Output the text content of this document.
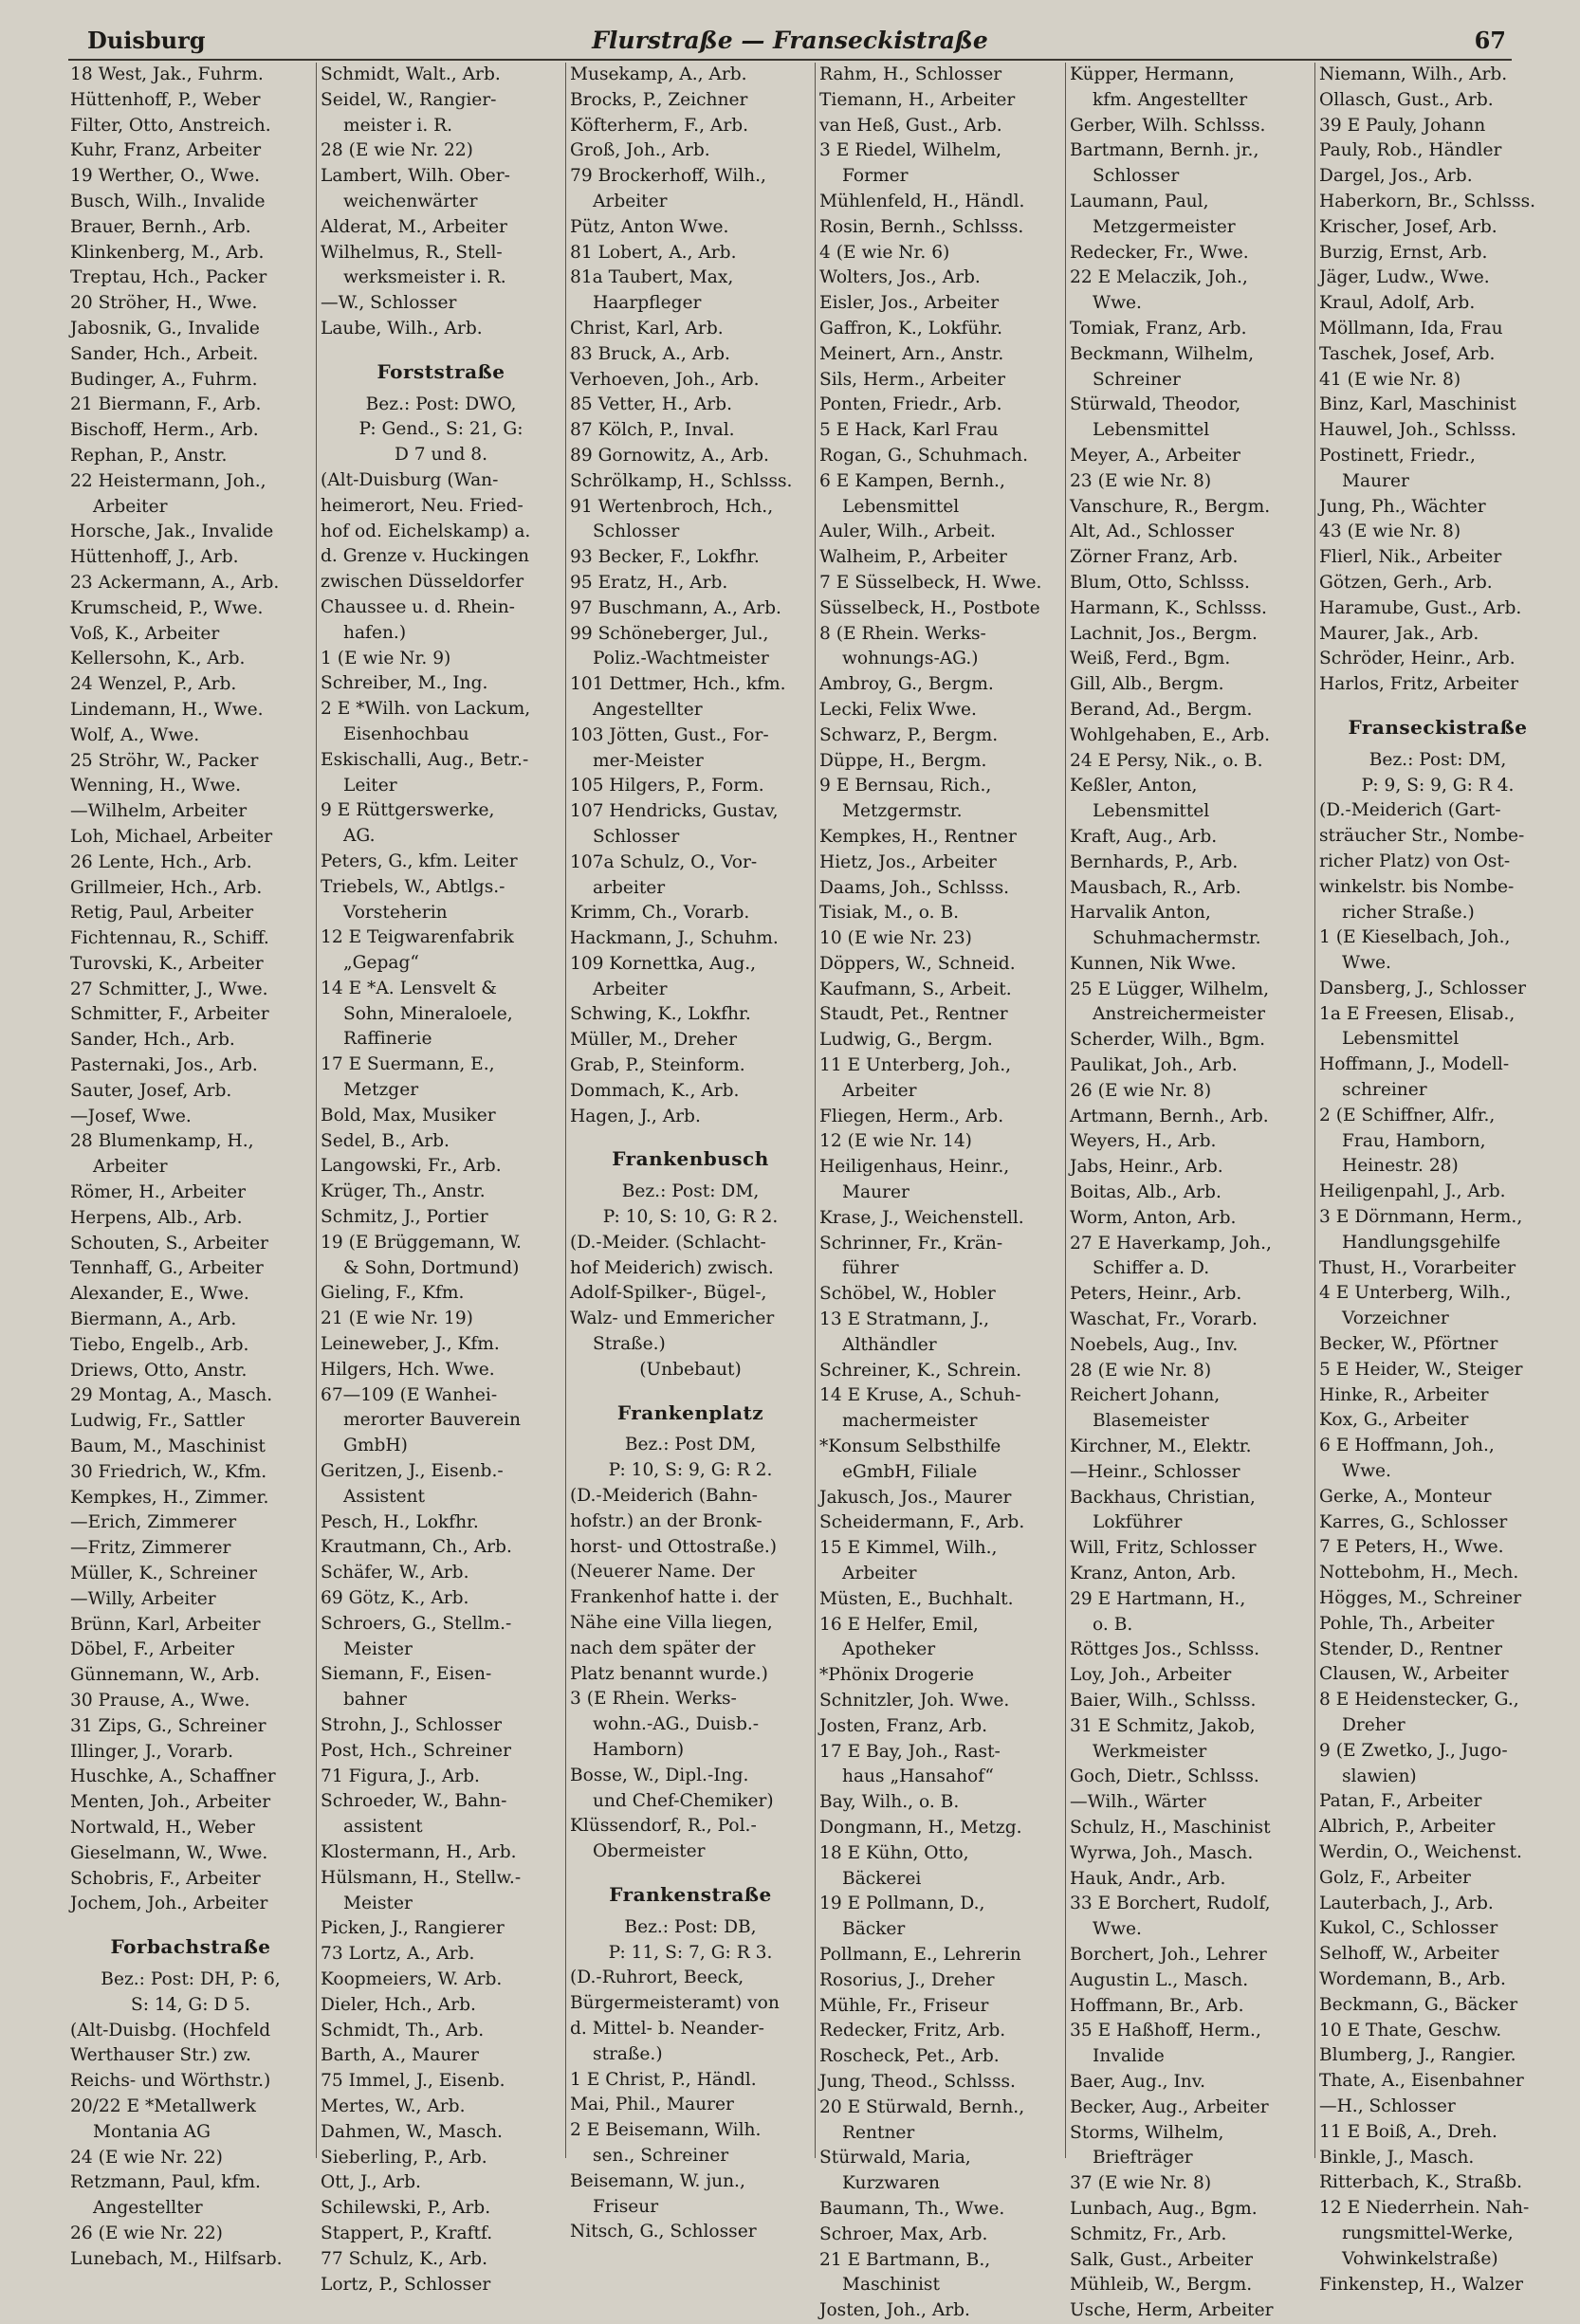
Duisburg	Flurstraße — Franseckistraße	67
18 West, Jak., Fuhrm.
Hüttenhoff, P., Weber
Filter, Otto, Anstreich.
Kuhr, Franz, Arbeiter
19 Werther, O., Wwe.
Busch, Wilh., Invalide
Brauer, Bernh., Arb.
Klinkenberg, M., Arb.
Treptau, Hch., Packer
20 Ströher, H., Wwe.
Jabosnik, G., Invalide
Sander, Hch., Arbeit.
Budinger, A., Fuhrm.
21 Biermann, F., Arb.
Bischoff, Herm., Arb.
Rephan, P., Anstr.
22 Heistermann, Joh.,
Arbeiter
Horsche, Jak., Invalide
Hüttenhoff, J., Arb.
23 Ackermann, A., Arb.
Krumscheid, P., Wwe.
Voß, K., Arbeiter
Kellersohn, K., Arb.
24 Wenzel, P., Arb.
Lindemann, H., Wwe.
Wolf, A., Wwe.
25 Ströhr, W., Packer
Wenning, H., Wwe.
—Wilhelm, Arbeiter
Loh, Michael, Arbeiter
26 Lente, Hch., Arb.
Grillmeier, Hch., Arb.
Retig, Paul, Arbeiter
Fichtennau, R., Schiff.
Turovski, K., Arbeiter
27 Schmitter, J., Wwe.
Schmitter, F., Arbeiter
Sander, Hch., Arb.
Pasternaki, Jos., Arb.
Sauter, Josef, Arb.
—Josef, Wwe.
28 Blumenkamp, H.,
Arbeiter
Römer, H., Arbeiter
Herpens, Alb., Arb.
Schouten, S., Arbeiter
Tennhaff, G., Arbeiter
Alexander, E., Wwe.
Biermann, A., Arb.
Tiebo, Engelb., Arb.
Driews, Otto, Anstr.
29 Montag, A., Masch.
Ludwig, Fr., Sattler
Baum, M., Maschinist
30 Friedrich, W., Kfm.
Kempkes, H., Zimmer.
—Erich, Zimmerer
—Fritz, Zimmerer
Müller, K., Schreiner
—Willy, Arbeiter
Brünn, Karl, Arbeiter
Döbel, F., Arbeiter
Günnemann, W., Arb.
30 Prause, A., Wwe.
31 Zips, G., Schreiner
Illinger, J., Vorarb.
Huschke, A., Schaffner
Menten, Joh., Arbeiter
Nortwald, H., Weber
Gieselmann, W., Wwe.
Schobris, F., Arbeiter
Jochem, Joh., Arbeiter
Forbachstraße
Bez.: Post: DH, P: 6,
S: 14, G: D 5.
(Alt-Duisbg. (Hochfeld
Werthauser Str.) zw.
Reichs- und Wörthstr.)
20/22 E *Metallwerk
Montania AG
24 (E wie Nr. 22)
Retzmann, Paul, kfm.
Angestellter
26 (E wie Nr. 22)
Lunebach, M., Hilfsarb.
Schmidt, Walt., Arb.
Seidel, W., Rangier-
meister i. R.
28 (E wie Nr. 22)
Lambert, Wilh. Ober-
weichenwärter
Alderat, M., Arbeiter
Wilhelmus, R., Stell-
werksmeister i. R.
—W., Schlosser
Laube, Wilh., Arb.
Forststraße
Bez.: Post: DWO,
P: Gend., S: 21, G:
D 7 und 8.
(Alt-Duisburg (Wan-
heimerort, Neu. Fried-
hof od. Eichelskamp) a.
d. Grenze v. Huckingen
zwischen Düsseldorfer
Chaussee u. d. Rhein-
hafen.)
1 (E wie Nr. 9)
Schreiber, M., Ing.
2 E *Wilh. von Lackum,
Eisenhochbau
Eskischalli, Aug., Betr.-
Leiter
9 E Rüttgerswerke,
AG.
Peters, G., kfm. Leiter
Triebels, W., Abtlgs.-
Vorsteherin
12 E Teigwarenfabrik
„Gepag“
14 E *A. Lensvelt &
Sohn, Mineraloele,
Raffinerie
17 E Suermann, E.,
Metzger
Bold, Max, Musiker
Sedel, B., Arb.
Langowski, Fr., Arb.
Krüger, Th., Anstr.
Schmitz, J., Portier
19 (E Brüggemann, W.
& Sohn, Dortmund)
Gieling, F., Kfm.
21 (E wie Nr. 19)
Leineweber, J., Kfm.
Hilgers, Hch. Wwe.
67—109 (E Wanhei-
merorter Bauverein
GmbH)
Geritzen, J., Eisenb.-
Assistent
Pesch, H., Lokfhr.
Krautmann, Ch., Arb.
Schäfer, W., Arb.
69 Götz, K., Arb.
Schroers, G., Stellm.-
Meister
Siemann, F., Eisen-
bahner
Strohn, J., Schlosser
Post, Hch., Schreiner
71 Figura, J., Arb.
Schroeder, W., Bahn-
assistent
Klostermann, H., Arb.
Hülsmann, H., Stellw.-
Meister
Picken, J., Rangierer
73 Lortz, A., Arb.
Koopmeiers, W. Arb.
Dieler, Hch., Arb.
Schmidt, Th., Arb.
Barth, A., Maurer
75 Immel, J., Eisenb.
Mertes, W., Arb.
Dahmen, W., Masch.
Sieberling, P., Arb.
Ott, J., Arb.
Schilewski, P., Arb.
Stappert, P., Kraftf.
77 Schulz, K., Arb.
Lortz, P., Schlosser
Musekamp, A., Arb.
Brocks, P., Zeichner
Köfterherm, F., Arb.
Groß, Joh., Arb.
79 Brockerhoff, Wilh.,
Arbeiter
Pütz, Anton Wwe.
81 Lobert, A., Arb.
81a Taubert, Max,
Haarpfleger
Christ, Karl, Arb.
83 Bruck, A., Arb.
Verhoeven, Joh., Arb.
85 Vetter, H., Arb.
87 Kölch, P., Inval.
89 Gornowitz, A., Arb.
Schrölkamp, H., Schlsss.
91 Wertenbroch, Hch.,
Schlosser
93 Becker, F., Lokfhr.
95 Eratz, H., Arb.
97 Buschmann, A., Arb.
99 Schöneberger, Jul.,
Poliz.-Wachtmeister
101 Dettmer, Hch., kfm.
Angestellter
103 Jötten, Gust., For-
mer-Meister
105 Hilgers, P., Form.
107 Hendricks, Gustav,
Schlosser
107a Schulz, O., Vor-
arbeiter
Krimm, Ch., Vorarb.
Hackmann, J., Schuhm.
109 Kornettka, Aug.,
Arbeiter
Schwing, K., Lokfhr.
Müller, M., Dreher
Grab, P., Steinform.
Dommach, K., Arb.
Hagen, J., Arb.
Frankenbusch
Bez.: Post: DM,
P: 10, S: 10, G: R 2.
(D.-Meider. (Schlacht-
hof Meiderich) zwisch.
Adolf-Spilker-, Bügel-,
Walz- und Emmericher
Straße.)
(Unbebaut)
Frankenplatz
Bez.: Post DM,
P: 10, S: 9, G: R 2.
(D.-Meiderich (Bahn-
hofstr.) an der Bronk-
horst- und Ottostraße.)
(Neuerer Name. Der
Frankenhof hatte i. der
Nähe eine Villa liegen,
nach dem später der
Platz benannt wurde.)
3 (E Rhein. Werks-
wohn.-AG., Duisb.-
Hamborn)
Bosse, W., Dipl.-Ing.
und Chef-Chemiker)
Klüssendorf, R., Pol.-
Obermeister
Frankenstraße
Bez.: Post: DB,
P: 11, S: 7, G: R 3.
(D.-Ruhrort, Beeck,
Bürgermeisteramt) von
d. Mittel- b. Neander-
straße.)
1 E Christ, P., Händl.
Mai, Phil., Maurer
2 E Beisemann, Wilh.
sen., Schreiner
Beisemann, W. jun.,
Friseur
Nitsch, G., Schlosser
Rahm, H., Schlosser
Tiemann, H., Arbeiter
van Heß, Gust., Arb.
3 E Riedel, Wilhelm,
Former
Mühlenfeld, H., Händl.
Rosin, Bernh., Schlsss.
4 (E wie Nr. 6)
Wolters, Jos., Arb.
Eisler, Jos., Arbeiter
Gaffron, K., Lokführ.
Meinert, Arn., Anstr.
Sils, Herm., Arbeiter
Ponten, Friedr., Arb.
5 E Hack, Karl Frau
Rogan, G., Schuhmach.
6 E Kampen, Bernh.,
Lebensmittel
Auler, Wilh., Arbeit.
Walheim, P., Arbeiter
7 E Süsselbeck, H. Wwe.
Süsselbeck, H., Postbote
8 (E Rhein. Werks-
wohnungs-AG.)
Ambroy, G., Bergm.
Lecki, Felix Wwe.
Schwarz, P., Bergm.
Düppe, H., Bergm.
9 E Bernsau, Rich.,
Metzgermstr.
Kempkes, H., Rentner
Hietz, Jos., Arbeiter
Daams, Joh., Schlsss.
Tisiak, M., o. B.
10 (E wie Nr. 23)
Döppers, W., Schneid.
Kaufmann, S., Arbeit.
Staudt, Pet., Rentner
Ludwig, G., Bergm.
11 E Unterberg, Joh.,
Arbeiter
Fliegen, Herm., Arb.
12 (E wie Nr. 14)
Heiligenhaus, Heinr.,
Maurer
Krase, J., Weichenstell.
Schrinner, Fr., Krän-
führer
Schöbel, W., Hobler
13 E Stratmann, J.,
Althändler
Schreiner, K., Schrein.
14 E Kruse, A., Schuh-
machermeister
*Konsum Selbsthilfe
eGmbH, Filiale
Jakusch, Jos., Maurer
Scheidermann, F., Arb.
15 E Kimmel, Wilh.,
Arbeiter
Müsten, E., Buchhalt.
16 E Helfer, Emil,
Apotheker
*Phönix Drogerie
Schnitzler, Joh. Wwe.
Josten, Franz, Arb.
17 E Bay, Joh., Rast-
haus „Hansahof“
Bay, Wilh., o. B.
Dongmann, H., Metzg.
18 E Kühn, Otto,
Bäckerei
19 E Pollmann, D.,
Bäcker
Pollmann, E., Lehrerin
Rosorius, J., Dreher
Mühle, Fr., Friseur
Redecker, Fritz, Arb.
Roscheck, Pet., Arb.
Jung, Theod., Schlsss.
20 E Stürwald, Bernh.,
Rentner
Stürwald, Maria,
Kurzwaren
Baumann, Th., Wwe.
Schroer, Max, Arb.
21 E Bartmann, B.,
Maschinist
Josten, Joh., Arb.
Küpper, Hermann,
kfm. Angestellter
Gerber, Wilh. Schlsss.
Bartmann, Bernh. jr.,
Schlosser
Laumann, Paul,
Metzgermeister
Redecker, Fr., Wwe.
22 E Melaczik, Joh.,
Wwe.
Tomiak, Franz, Arb.
Beckmann, Wilhelm,
Schreiner
Stürwald, Theodor,
Lebensmittel
Meyer, A., Arbeiter
23 (E wie Nr. 8)
Vanschure, R., Bergm.
Alt, Ad., Schlosser
Zörner Franz, Arb.
Blum, Otto, Schlsss.
Harmann, K., Schlsss.
Lachnit, Jos., Bergm.
Weiß, Ferd., Bgm.
Gill, Alb., Bergm.
Berand, Ad., Bergm.
Wohlgehaben, E., Arb.
24 E Persy, Nik., o. B.
Keßler, Anton,
Lebensmittel
Kraft, Aug., Arb.
Bernhards, P., Arb.
Mausbach, R., Arb.
Harvalik Anton,
Schuhmachermstr.
Kunnen, Nik Wwe.
25 E Lügger, Wilhelm,
Anstreichermeister
Scherder, Wilh., Bgm.
Paulikat, Joh., Arb.
26 (E wie Nr. 8)
Artmann, Bernh., Arb.
Weyers, H., Arb.
Jabs, Heinr., Arb.
Boitas, Alb., Arb.
Worm, Anton, Arb.
27 E Haverkamp, Joh.,
Schiffer a. D.
Peters, Heinr., Arb.
Waschat, Fr., Vorarb.
Noebels, Aug., Inv.
28 (E wie Nr. 8)
Reichert Johann,
Blasemeister
Kirchner, M., Elektr.
—Heinr., Schlosser
Backhaus, Christian,
Lokführer
Will, Fritz, Schlosser
Kranz, Anton, Arb.
29 E Hartmann, H.,
o. B.
Röttges Jos., Schlsss.
Loy, Joh., Arbeiter
Baier, Wilh., Schlsss.
31 E Schmitz, Jakob,
Werkmeister
Goch, Dietr., Schlsss.
—Wilh., Wärter
Schulz, H., Maschinist
Wyrwa, Joh., Masch.
Hauk, Andr., Arb.
33 E Borchert, Rudolf,
Wwe.
Borchert, Joh., Lehrer
Augustin L., Masch.
Hoffmann, Br., Arb.
35 E Haßhoff, Herm.,
Invalide
Baer, Aug., Inv.
Becker, Aug., Arbeiter
Storms, Wilhelm,
Briefträger
37 (E wie Nr. 8)
Lunbach, Aug., Bgm.
Schmitz, Fr., Arb.
Salk, Gust., Arbeiter
Mühleib, W., Bergm.
Usche, Herm, Arbeiter
Niemann, Wilh., Arb.
Ollasch, Gust., Arb.
39 E Pauly, Johann
Pauly, Rob., Händler
Dargel, Jos., Arb.
Haberkorn, Br., Schlsss.
Krischer, Josef, Arb.
Burzig, Ernst, Arb.
Jäger, Ludw., Wwe.
Kraul, Adolf, Arb.
Möllmann, Ida, Frau
Taschek, Josef, Arb.
41 (E wie Nr. 8)
Binz, Karl, Maschinist
Hauwel, Joh., Schlsss.
Postinett, Friedr.,
Maurer
Jung, Ph., Wächter
43 (E wie Nr. 8)
Flierl, Nik., Arbeiter
Götzen, Gerh., Arb.
Haramube, Gust., Arb.
Maurer, Jak., Arb.
Schröder, Heinr., Arb.
Harlos, Fritz, Arbeiter
Franseckistraße
Bez.: Post: DM,
P: 9, S: 9, G: R 4.
(D.-Meiderich (Gart-
sträucher Str., Nombe-
richer Platz) von Ost-
winkelstr. bis Nombe-
richer Straße.)
1 (E Kieselbach, Joh.,
Wwe.
Dansberg, J., Schlosser
1a E Freesen, Elisab.,
Lebensmittel
Hoffmann, J., Modell-
schreiner
2 (E Schiffner, Alfr.,
Frau, Hamborn,
Heinestr. 28)
Heiligenpahl, J., Arb.
3 E Dörnmann, Herm.,
Handlungsgehilfe
Thust, H., Vorarbeiter
4 E Unterberg, Wilh.,
Vorzeichner
Becker, W., Pförtner
5 E Heider, W., Steiger
Hinke, R., Arbeiter
Kox, G., Arbeiter
6 E Hoffmann, Joh.,
Wwe.
Gerke, A., Monteur
Karres, G., Schlosser
7 E Peters, H., Wwe.
Nottebohm, H., Mech.
Högges, M., Schreiner
Pohle, Th., Arbeiter
Stender, D., Rentner
Clausen, W., Arbeiter
8 E Heidenstecker, G.,
Dreher
9 (E Zwetko, J., Jugo-
slawien)
Patan, F., Arbeiter
Albrich, P., Arbeiter
Werdin, O., Weichenst.
Golz, F., Arbeiter
Lauterbach, J., Arb.
Kukol, C., Schlosser
Selhoff, W., Arbeiter
Wordemann, B., Arb.
Beckmann, G., Bäcker
10 E Thate, Geschw.
Blumberg, J., Rangier.
Thate, A., Eisenbahner
—H., Schlosser
11 E Boiß, A., Dreh.
Binkle, J., Masch.
Ritterbach, K., Straßb.
12 E Niederrhein. Nah-
rungsmittel-Werke,
Vohwinkelstraße)
Finkenstep, H., Walzer
